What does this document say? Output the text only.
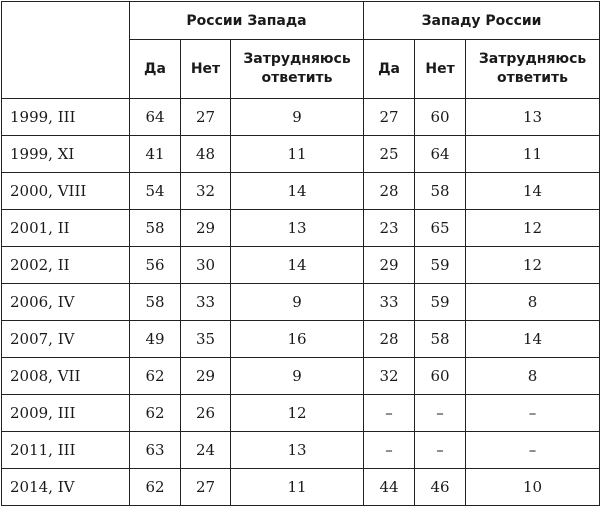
	России Запада			Западу России		
	Да	Нет	Затрудняюсь ответить	Да	Нет	Затрудняюсь ответить
1999, III	64	27	9	27	60	13
1999, XI	41	48	11	25	64	11
2000, VIII	54	32	14	28	58	14
2001, II	58	29	13	23	65	12
2002, II	56	30	14	29	59	12
2006, IV	58	33	9	33	59	8
2007, IV	49	35	16	28	58	14
2008, VII	62	29	9	32	60	8
2009, III	62	26	12	–	–	–
2011, III	63	24	13	–	–	–
2014, IV	62	27	11	44	46	10
